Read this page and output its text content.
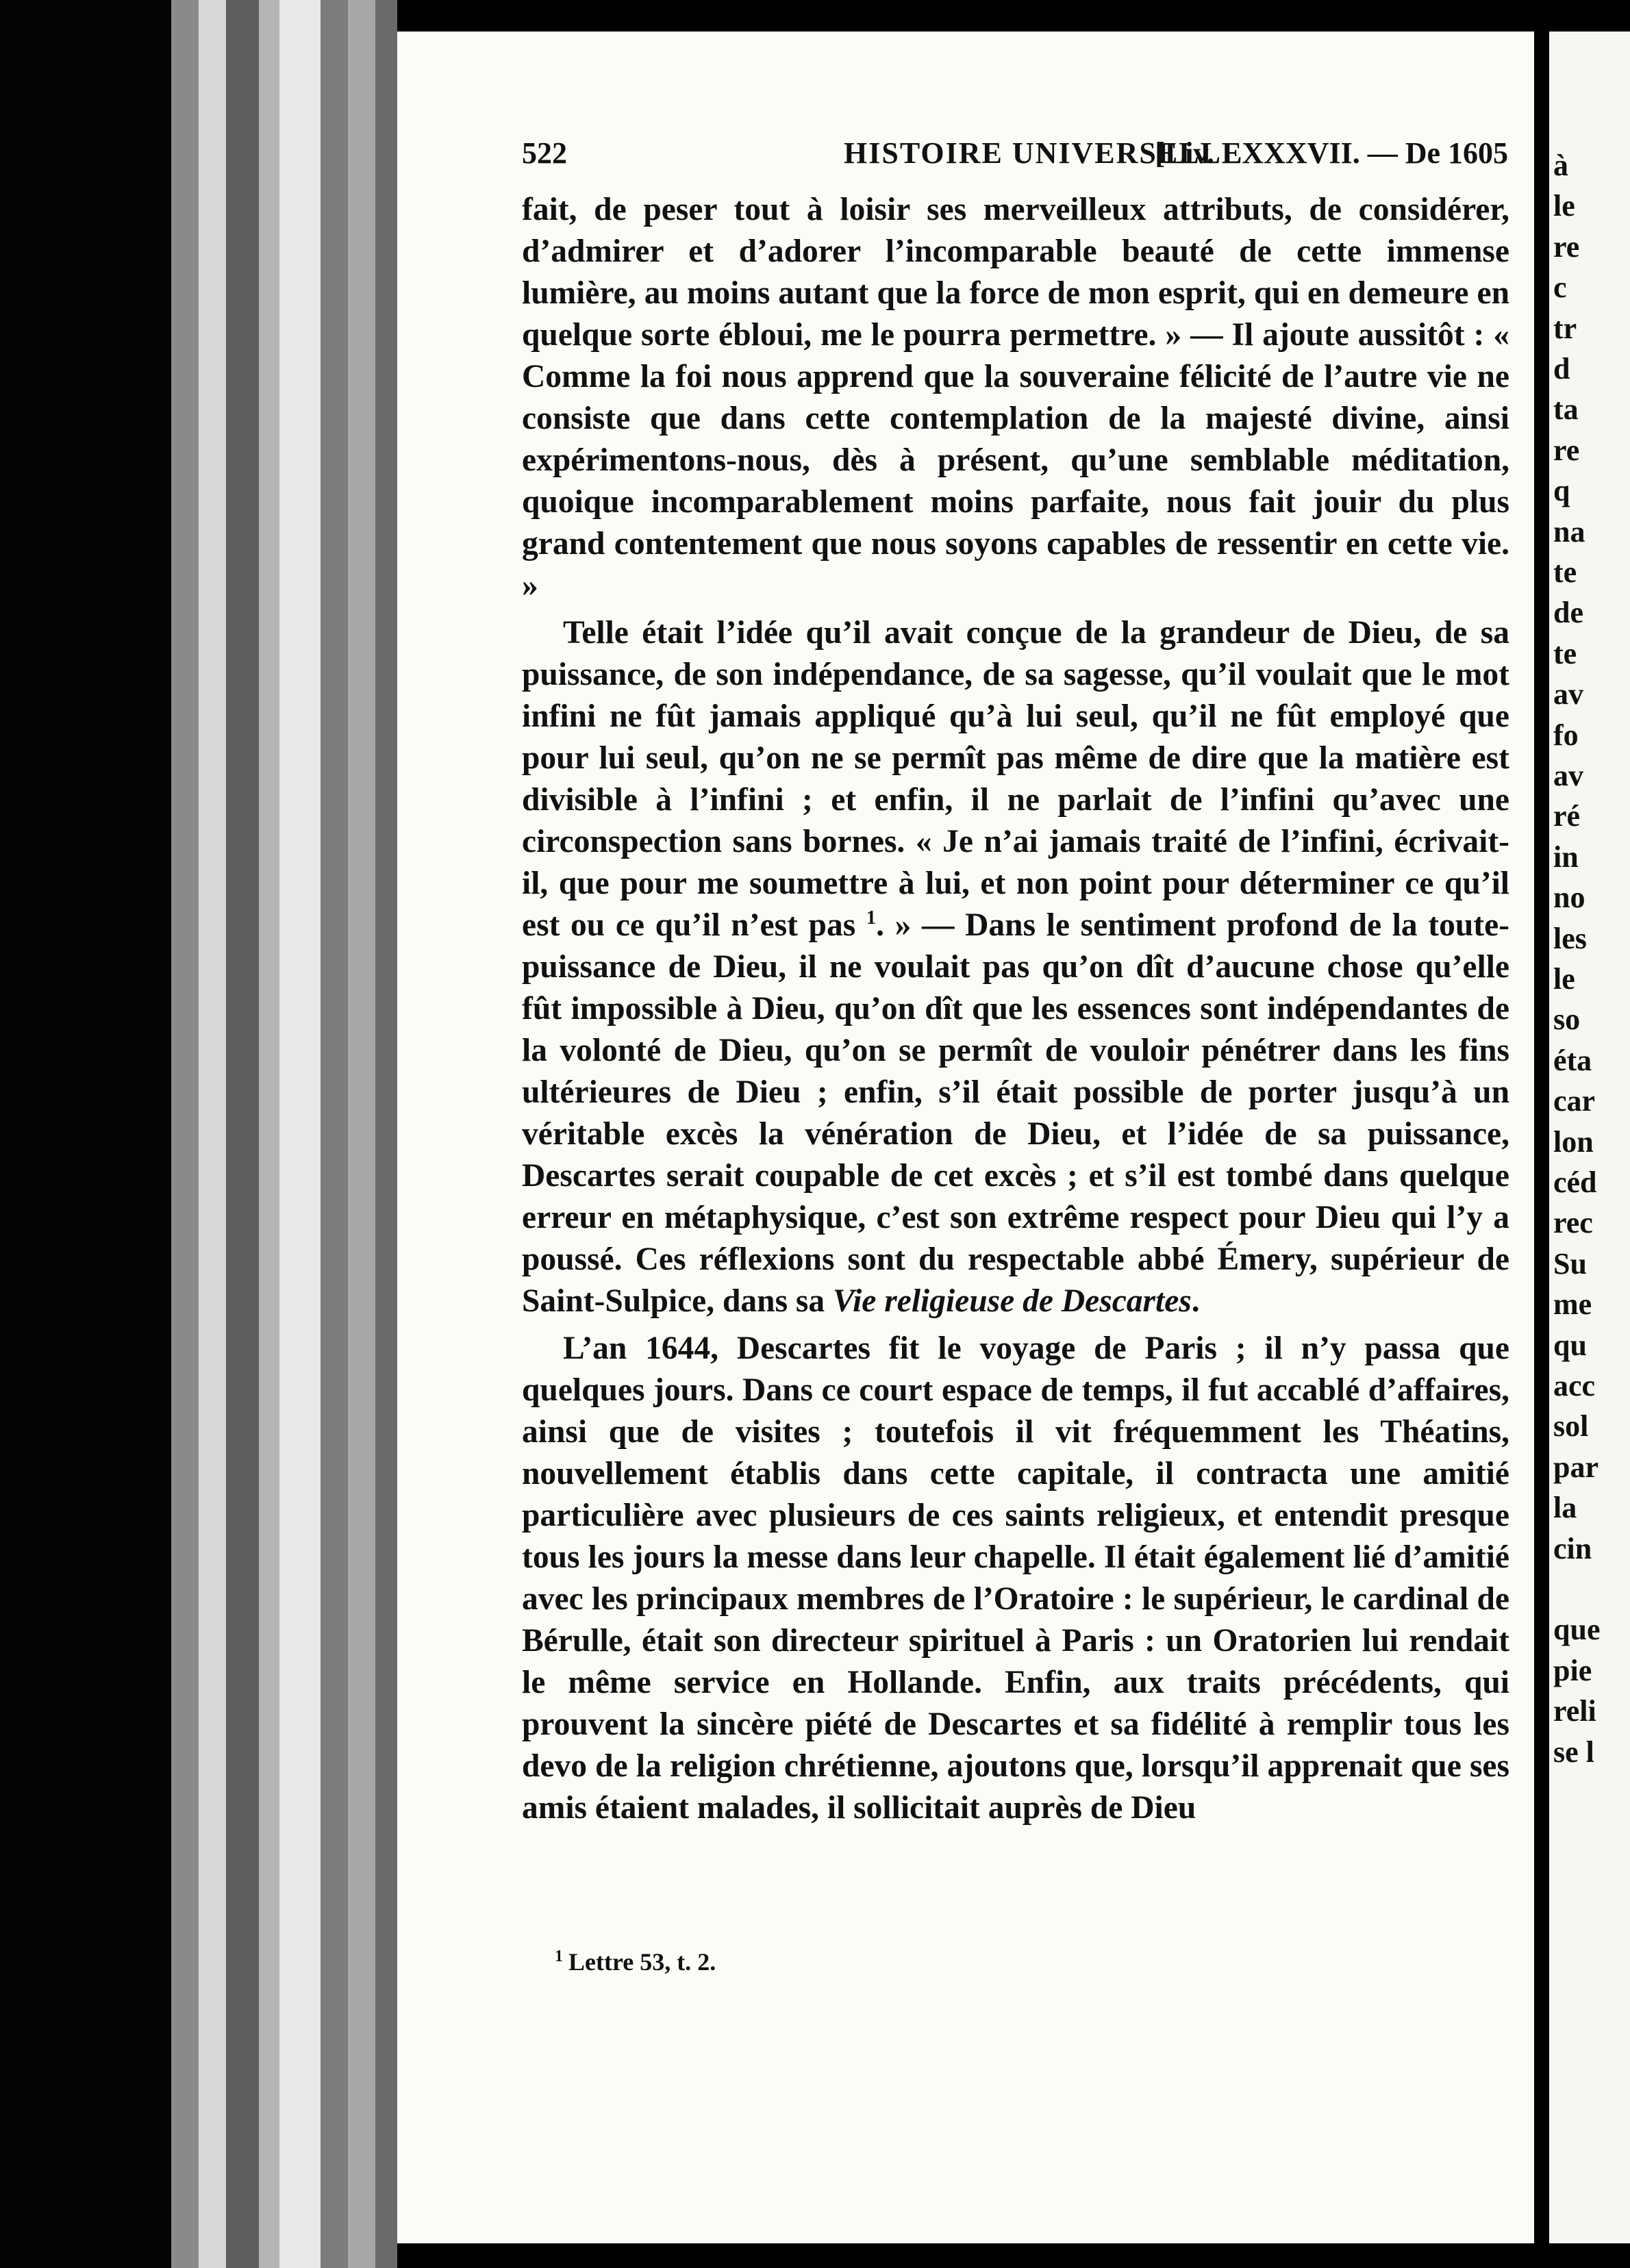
522	HISTOIRE UNIVERSELLE
[Liv. LXXXVII. — De 1605

fait, de peser tout à loisir ses merveilleux attributs, de considérer, d’admirer et d’adorer l’incomparable beauté de cette immense lumière, au moins autant que la force de mon esprit, qui en demeure en quelque sorte ébloui, me le pourra permettre. » — Il ajoute aussitôt : « Comme la foi nous apprend que la souveraine félicité de l’autre vie ne consiste que dans cette contemplation de la majesté divine, ainsi expérimentons-nous, dès à présent, qu’une semblable méditation, quoique incomparablement moins parfaite, nous fait jouir du plus grand contentement que nous soyons capables de ressentir en cette vie. »

Telle était l’idée qu’il avait conçue de la grandeur de Dieu, de sa puissance, de son indépendance, de sa sagesse, qu’il voulait que le mot infini ne fût jamais appliqué qu’à lui seul, qu’il ne fût employé que pour lui seul, qu’on ne se permît pas même de dire que la matière est divisible à l’infini ; et enfin, il ne parlait de l’infini qu’avec une circonspection sans bornes. « Je n’ai jamais traité de l’infini, écrivait-il, que pour me soumettre à lui, et non point pour déterminer ce qu’il est ou ce qu’il n’est pas $^1$. » — Dans le sentiment profond de la toute-puissance de Dieu, il ne voulait pas qu’on dît d’aucune chose qu’elle fût impossible à Dieu, qu’on dît que les essences sont indépendantes de la volonté de Dieu, qu’on se permît de vouloir pénétrer dans les fins ultérieures de Dieu ; enfin, s’il était possible de porter jusqu’à un véritable excès la vénération de Dieu, et l’idée de sa puissance, Descartes serait coupable de cet excès ; et s’il est tombé dans quelque erreur en métaphysique, c’est son extrême respect pour Dieu qui l’y a poussé. Ces réflexions sont du respectable abbé Émery, supérieur de Saint-Sulpice, dans sa Vie religieuse de Descartes.

L’an 1644, Descartes fit le voyage de Paris ; il n’y passa que quelques jours. Dans ce court espace de temps, il fut accablé d’affaires, ainsi que de visites ; toutefois il vit fréquemment les Théatins, nouvellement établis dans cette capitale, il contracta une amitié particulière avec plusieurs de ces saints religieux, et entendit presque tous les jours la messe dans leur chapelle. Il était également lié d’amitié avec les principaux membres de l’Oratoire : le supérieur, le cardinal de Bérulle, était son directeur spirituel à Paris : un Oratorien lui rendait le même service en Hollande. Enfin, aux traits précédents, qui prouvent la sincère piété de Descartes et sa fidélité à remplir tous les devo de la religion chrétienne, ajoutons que, lorsqu’il apprenait que ses amis étaient malades, il sollicitait auprès de Dieu

$^1$ Lettre 53, t. 2.
à
le
re
c
tr
d
ta
re
q
na
te
de
te
av
fo
av
ré
in
no
les
le
so
éta
car
lon
céd
rec
Su
me
qu
acc
sol
par
la
cin
que
pie
reli
se l
